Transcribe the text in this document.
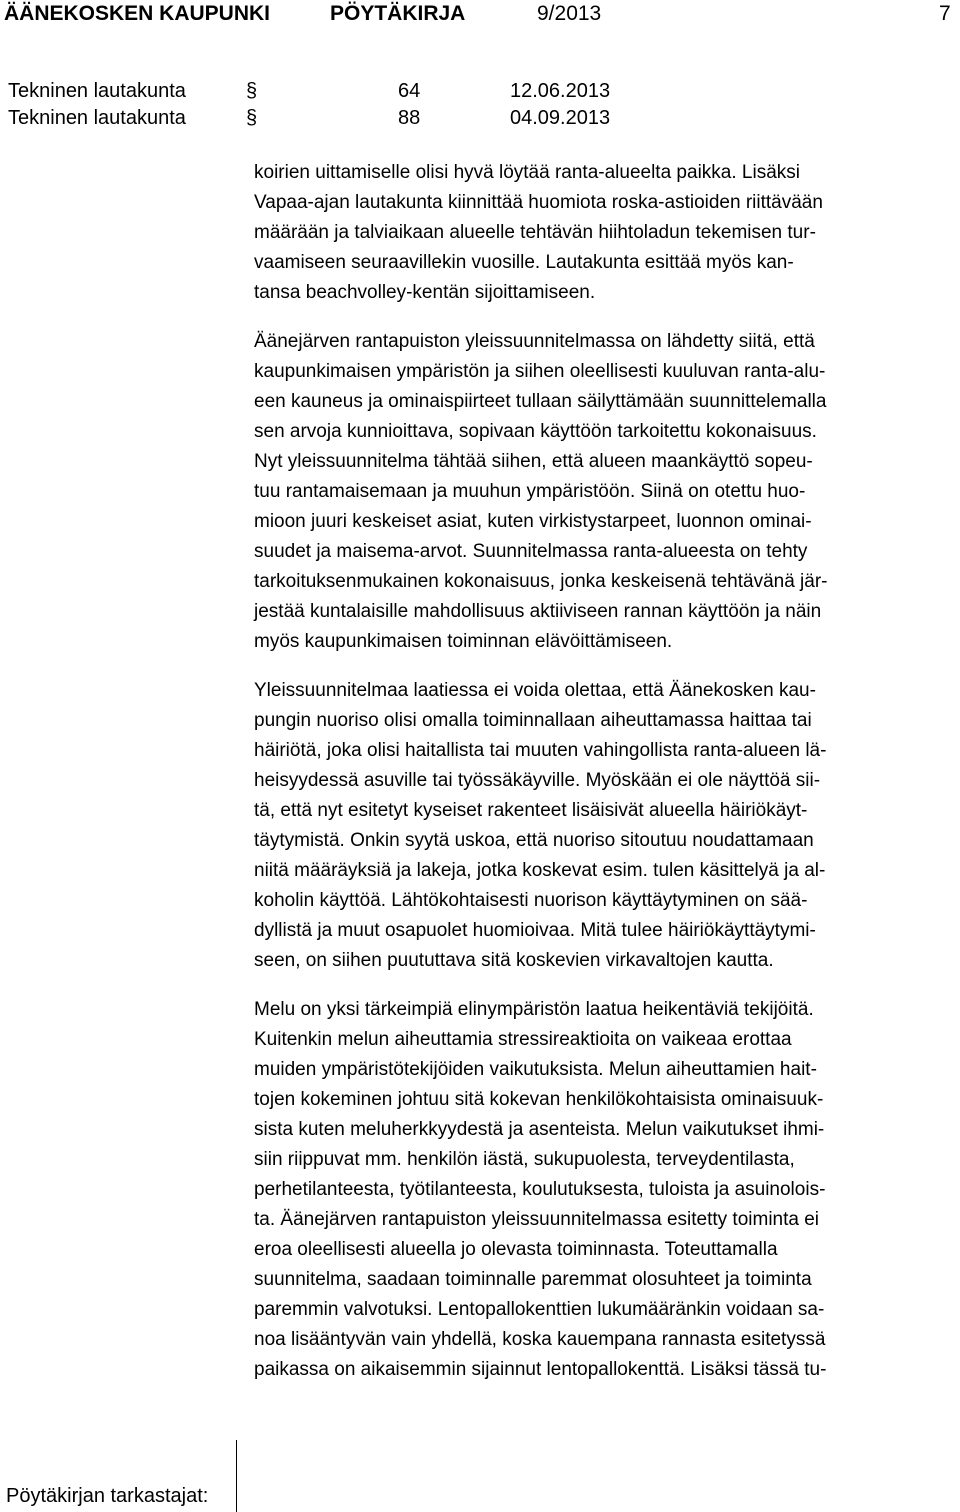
ÄÄNEKOSKEN KAUPUNKI	PÖYTÄKIRJA	9/2013	7
Tekninen lautakunta	§	64	12.06.2013
Tekninen lautakunta	§	88	04.09.2013

koirien uittamiselle olisi hyvä löytää ranta-alueelta paikka. Lisäksi
Vapaa-ajan lautakunta kiinnittää huomiota roska-astioiden riittävään
määrään ja talviaikaan alueelle tehtävän hiihtoladun tekemisen tur-
vaamiseen seuraavillekin vuosille. Lautakunta esittää myös kan-
tansa beachvolley-kentän sijoittamiseen.

Äänejärven rantapuiston yleissuunnitelmassa on lähdetty siitä, että
kaupunkimaisen ympäristön ja siihen oleellisesti kuuluvan ranta-alu-
een kauneus ja ominaispiirteet tullaan säilyttämään suunnittelemalla
sen arvoja kunnioittava, sopivaan käyttöön tarkoitettu kokonaisuus.
Nyt yleissuunnitelma tähtää siihen, että alueen maankäyttö sopeu-
tuu rantamaisemaan ja muuhun ympäristöön. Siinä on otettu huo-
mioon juuri keskeiset asiat, kuten virkistystarpeet, luonnon ominai-
suudet ja maisema-arvot. Suunnitelmassa ranta-alueesta on tehty
tarkoituksenmukainen kokonaisuus, jonka keskeisenä tehtävänä jär-
jestää kuntalaisille mahdollisuus aktiiviseen rannan käyttöön ja näin
myös kaupunkimaisen toiminnan elävöittämiseen.

Yleissuunnitelmaa laatiessa ei voida olettaa, että Äänekosken kau-
pungin nuoriso olisi omalla toiminnallaan aiheuttamassa haittaa tai
häiriötä, joka olisi haitallista tai muuten vahingollista ranta-alueen lä-
heisyydessä asuville tai työssäkäyville. Myöskään ei ole näyttöä sii-
tä, että nyt esitetyt kyseiset rakenteet lisäisivät alueella häiriökäyt-
täytymistä. Onkin syytä uskoa, että nuoriso sitoutuu noudattamaan
niitä määräyksiä ja lakeja, jotka koskevat esim. tulen käsittelyä ja al-
koholin käyttöä. Lähtökohtaisesti nuorison käyttäytyminen on sää-
dyllistä ja muut osapuolet huomioivaa. Mitä tulee häiriökäyttäytymi-
seen, on siihen puututtava sitä koskevien virkavaltojen kautta.

Melu on yksi tärkeimpiä elinympäristön laatua heikentäviä tekijöitä.
Kuitenkin melun aiheuttamia stressireaktioita on vaikeaa erottaa
muiden ympäristötekijöiden vaikutuksista. Melun aiheuttamien hait-
tojen kokeminen johtuu sitä kokevan henkilökohtaisista ominaisuuk-
sista kuten meluherkkyydestä ja asenteista. Melun vaikutukset ihmi-
siin riippuvat mm. henkilön iästä, sukupuolesta, terveydentilasta,
perhetilanteesta, työtilanteesta, koulutuksesta, tuloista ja asuinolois-
ta. Äänejärven rantapuiston yleissuunnitelmassa esitetty toiminta ei
eroa oleellisesti alueella jo olevasta toiminnasta. Toteuttamalla
suunnitelma, saadaan toiminnalle paremmat olosuhteet ja toiminta
paremmin valvotuksi. Lentopallokenttien lukumääränkin voidaan sa-
noa lisääntyvän vain yhdellä, koska kauempana rannasta esitetyssä
paikassa on aikaisemmin sijainnut lentopallokenttä. Lisäksi tässä tu-

Pöytäkirjan tarkastajat:
